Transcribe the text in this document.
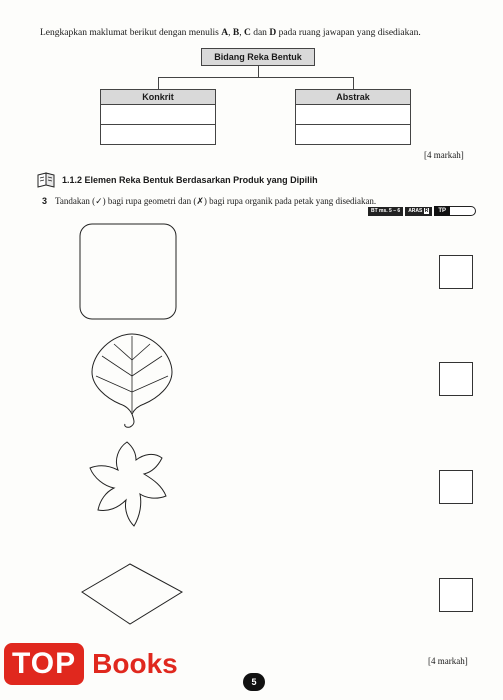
Lengkapkan maklumat berikut dengan menulis A, B, C dan D pada ruang jawapan yang disediakan.
Bidang Reka Bentuk
Konkrit	Abstrak
[4 markah]
1.1.2 Elemen Reka Bentuk Berdasarkan Produk yang Dipilih
3 Tandakan (✓) bagi rupa geometri dan (✗) bagi rupa organik pada petak yang disediakan.
BT ms. 5 – 6	ARAS R	TP
[4 markah]
TOP Books
5
